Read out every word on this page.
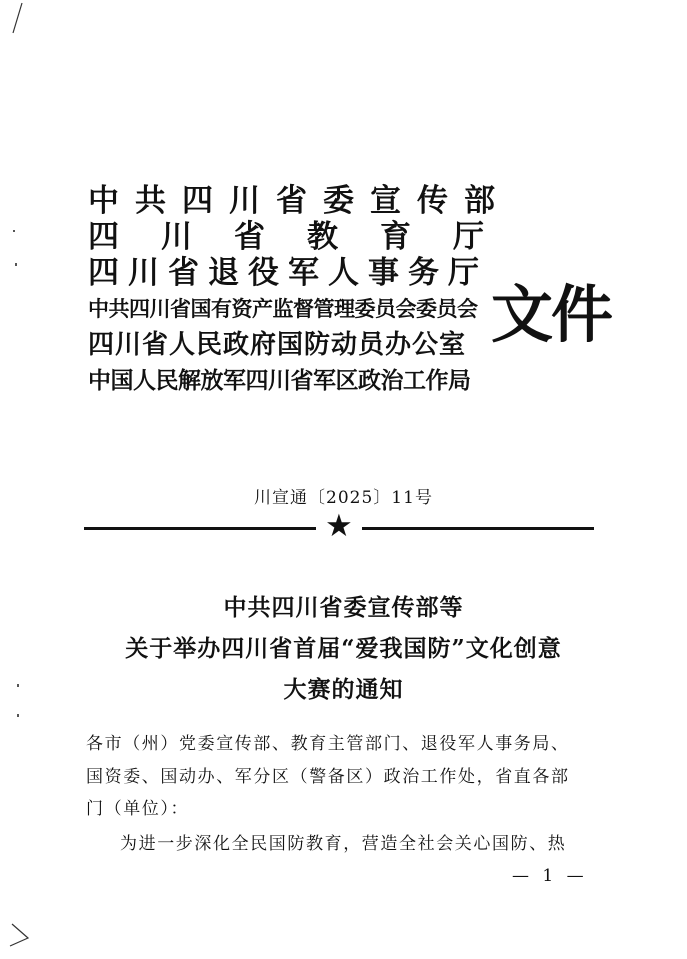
中共四川省委宣传部
四川省教育厅
四川省退役军人事务厅
中共四川省国有资产监督管理委员会委员会
四川省人民政府国防动员办公室
中国人民解放军四川省军区政治工作局
文件
川宣通〔2025〕11号
★
中共四川省委宣传部等
关于举办四川省首届“爱我国防”文化创意
大赛的通知
各市（州）党委宣传部、教育主管部门、退役军人事务局、
国资委、国动办、军分区（警备区）政治工作处，省直各部
门（单位）：
为进一步深化全民国防教育，营造全社会关心国防、热
— 1 —
